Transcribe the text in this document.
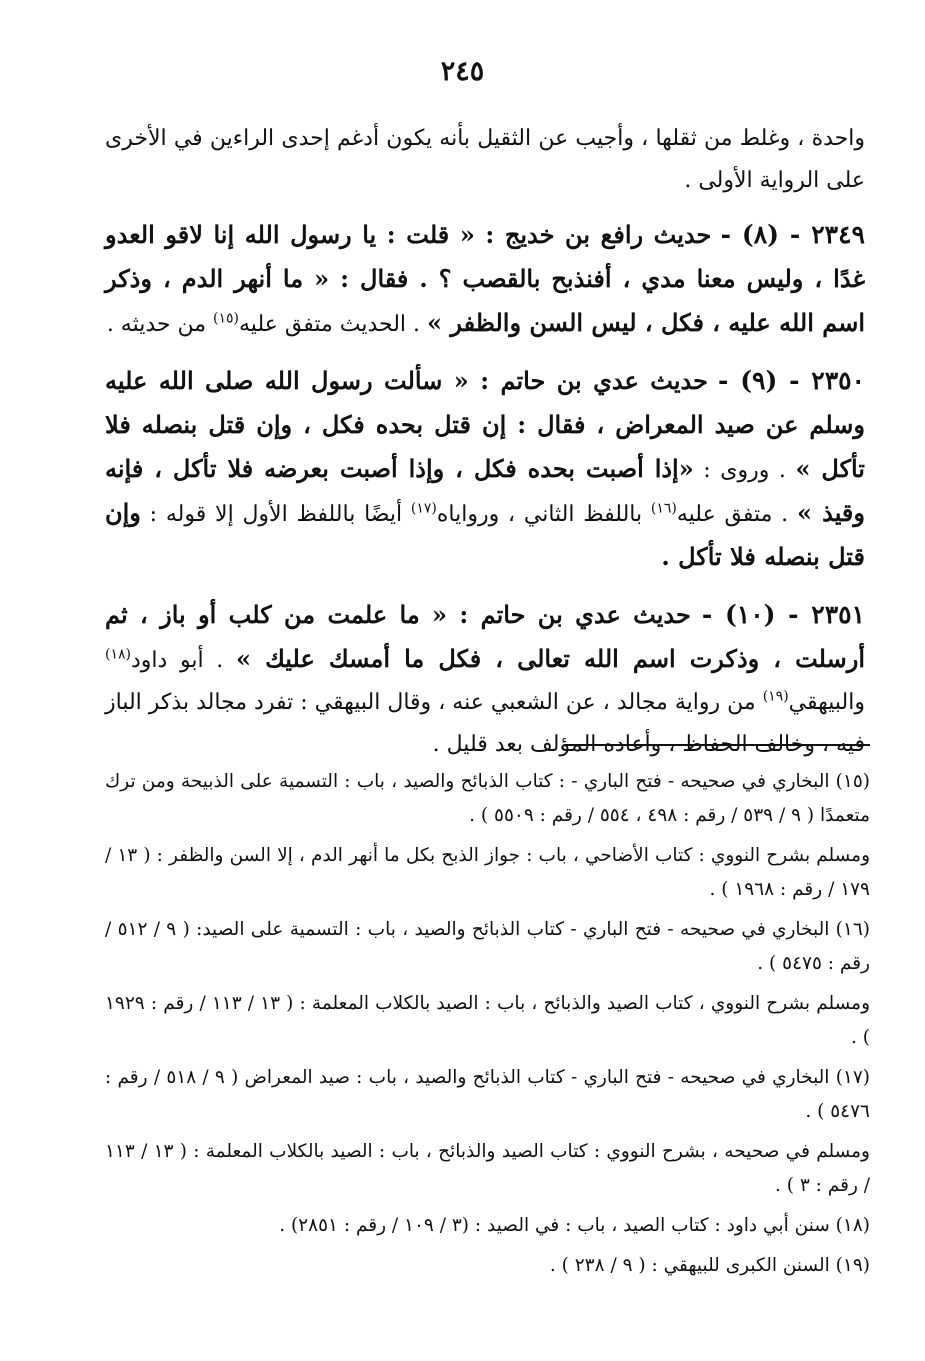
٢٤٥

واحدة ، وغلط من ثقلها ، وأجيب عن الثقيل بأنه يكون أدغم إحدى الراءين في الأخرى على الرواية الأولى .

٢٣٤٩ - (٨) - حديث رافع بن خديج : « قلت : يا رسول الله إنا لاقو العدو غدًا ، وليس معنا مدي ، أفنذبح بالقصب ؟ . فقال : « ما أنهر الدم ، وذكر اسم الله عليه ، فكل ، ليس السن والظفر » . الحديث متفق عليه$^{(١٥)}$ من حديثه .

٢٣٥٠ - (٩) - حديث عدي بن حاتم : « سألت رسول الله صلى الله عليه وسلم عن صيد المعراض ، فقال : إن قتل بحده فكل ، وإن قتل بنصله فلا تأكل » . وروى : «إذا أصبت بحده فكل ، وإذا أصبت بعرضه فلا تأكل ، فإنه وقيذ » . متفق عليه$^{(١٦)}$ باللفظ الثاني ، ورواياه$^{(١٧)}$ أيضًا باللفظ الأول إلا قوله : وإن قتل بنصله فلا تأكل .

٢٣٥١ - (١٠) - حديث عدي بن حاتم : « ما علمت من كلب أو باز ، ثم أرسلت ، وذكرت اسم الله تعالى ، فكل ما أمسك عليك » . أبو داود$^{(١٨)}$ والبيهقي$^{(١٩)}$ من رواية مجالد ، عن الشعبي عنه ، وقال البيهقي : تفرد مجالد بذكر الباز فيه ، وخالف الحفاظ ، وأعاده المؤلف بعد قليل .

(١٥) البخاري في صحيحه - فتح الباري - : كتاب الذبائح والصيد ، باب : التسمية على الذبيحة ومن ترك متعمدًا ( ٩ / ٥٣٩ / رقم : ٤٩٨ ، ٥٥٤ / رقم : ٥٥٠٩ ) .

ومسلم بشرح النووي : كتاب الأضاحي ، باب : جواز الذبح بكل ما أنهر الدم ، إلا السن والظفر : ( ١٣ / ١٧٩ / رقم : ١٩٦٨ ) .

(١٦) البخاري في صحيحه - فتح الباري - كتاب الذبائح والصيد ، باب : التسمية على الصيد: ( ٩ / ٥١٢ / رقم : ٥٤٧٥ ) .

ومسلم بشرح النووي ، كتاب الصيد والذبائح ، باب : الصيد بالكلاب المعلمة : ( ١٣ / ١١٣ / رقم : ١٩٢٩ ) .

(١٧) البخاري في صحيحه - فتح الباري - كتاب الذبائح والصيد ، باب : صيد المعراض ( ٩ / ٥١٨ / رقم : ٥٤٧٦ ) .

ومسلم في صحيحه ، بشرح النووي : كتاب الصيد والذبائح ، باب : الصيد بالكلاب المعلمة : ( ١٣ / ١١٣ / رقم : ٣ ) .

(١٨) سنن أبي داود : كتاب الصيد ، باب : في الصيد : (٣ / ١٠٩ / رقم : ٢٨٥١) .

(١٩) السنن الكبرى للبيهقي : ( ٩ / ٢٣٨ ) .
